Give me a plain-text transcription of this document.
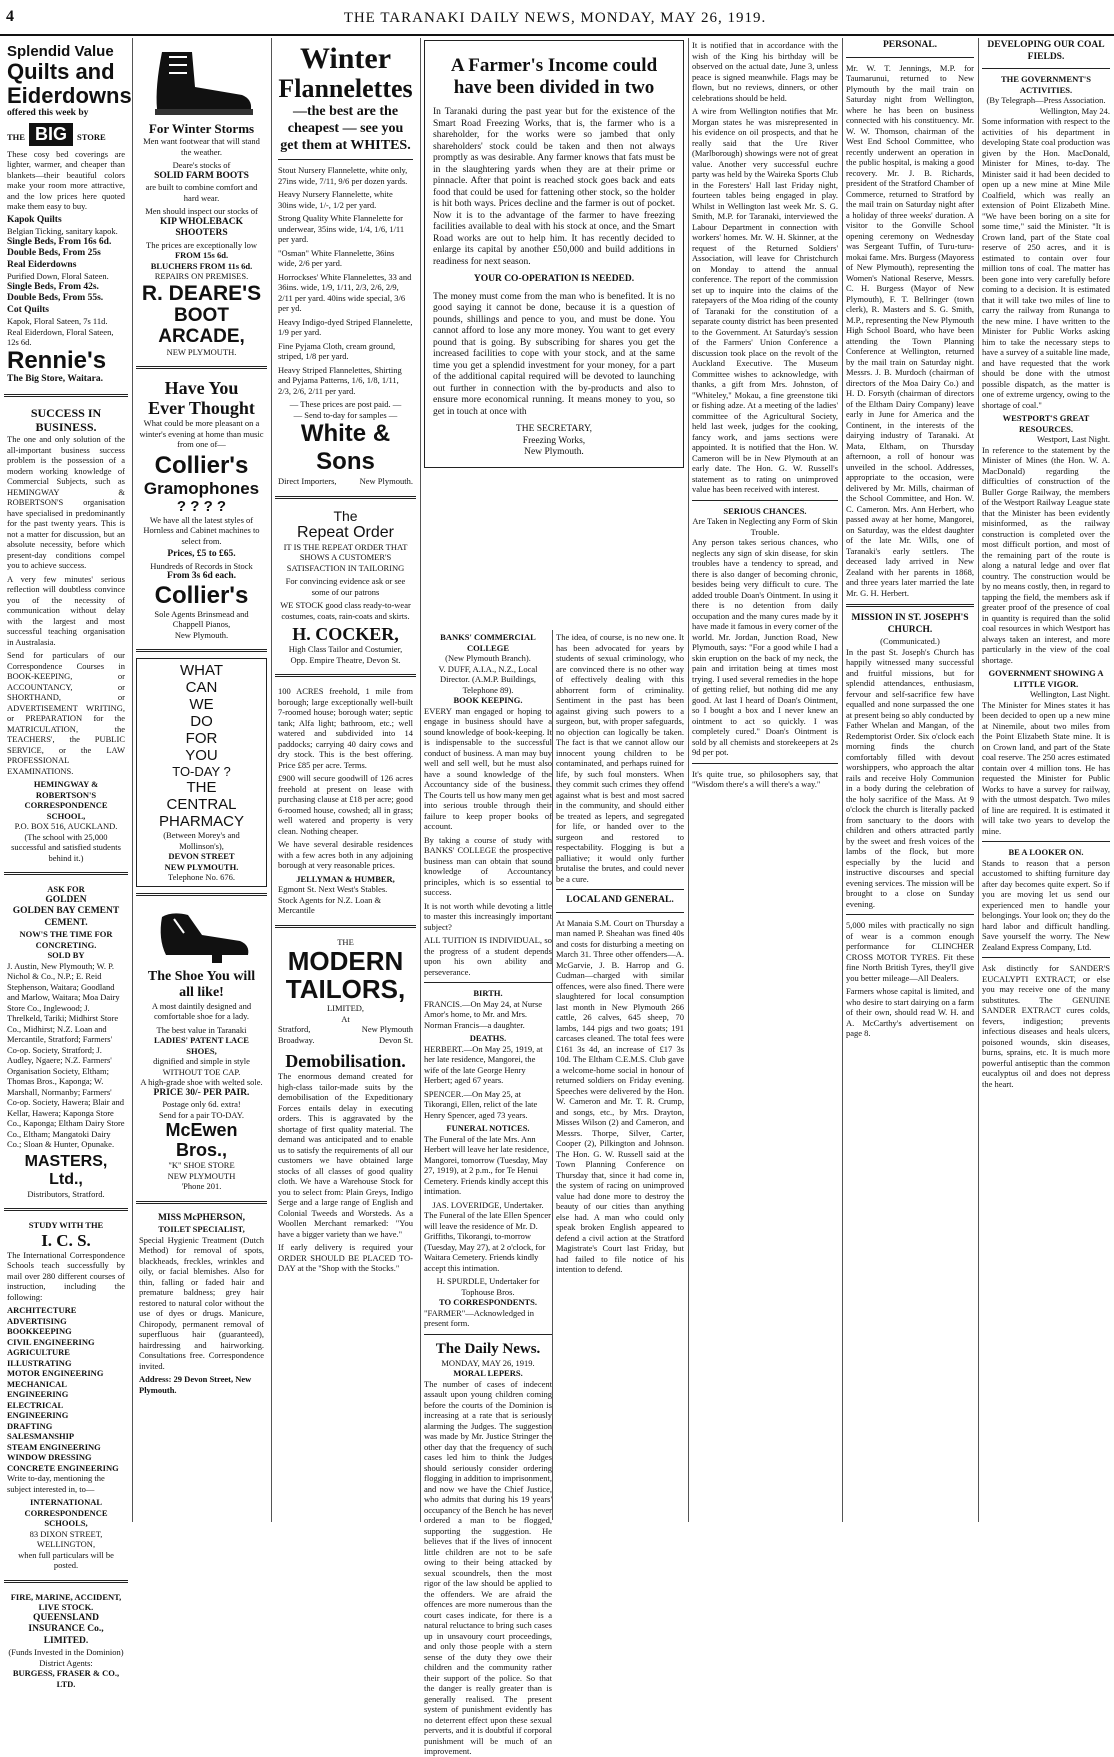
4	THE TARANAKI DAILY NEWS, MONDAY, MAY 26, 1919.
Splendid Value
Quilts and
Eiderdowns
offered this week by
THE BIG STORE

These cosy bed coverings are lighter, warmer, and cheaper than blankets—their beautiful colors make your room more attractive, and the low prices here quoted make them easy to buy.

Kapok Quilts
Belgian Ticking, sanitary kapok.
Single Beds, From 16s 6d.
Double Beds, From 25s
Real Eiderdowns
Purified Down, Floral Sateen.
Single Beds, From 42s.
Double Beds, From 55s.
Cot Quilts
Kapok, Floral Sateen, 7s 11d. Real Eiderdown, Floral Sateen, 12s 6d.
Rennie's
The Big Store, Waitara.
SUCCESS IN BUSINESS.

The one and only solution of the all-important business success problem is the possession of a modern working knowledge of Commercial Subjects, such as HEMINGWAY & ROBERTSON'S organisation have specialised in predominantly for the past twenty years. This is not a matter for discussion, but an absolute necessity, before which present-day conditions compel you to achieve success.

A very few minutes' serious reflection will doubtless convince you of the necessity of communication without delay with the largest and most successful teaching organisation in Australasia.

Send for particulars of our Correspondence Courses in BOOK-KEEPING, or ACCOUNTANCY, or SHORTHAND, or ADVERTISEMENT WRITING, or PREPARATION for the MATRICULATION, the TEACHERS', the PUBLIC SERVICE, or the LAW PROFESSIONAL EXAMINATIONS.

HEMINGWAY & ROBERTSON'S CORRESPONDENCE SCHOOL,
P.O. BOX 516, AUCKLAND.
(The school with 25,000 successful and satisfied students behind it.)
ASK FOR
GOLDEN
GOLDEN BAY CEMENT
CEMENT.
NOW'S THE TIME FOR CONCRETING.
SOLD BY

J. Austin, New Plymouth; W. P. Nichol & Co., N.P.; E. Reid Stephenson, Waitara; Goodland and Marlow, Waitara; Moa Dairy Store Co., Inglewood; J. Threlkeld, Tariki; Midhirst Store Co., Midhirst; N.Z. Loan and Mercantile, Stratford; Farmers' Co-op. Society, Stratford; J. Audley, Ngaere; N.Z. Farmers' Organisation Society, Eltham; Thomas Bros., Kaponga; W. Marshall, Normanby; Farmers' Co-op. Society, Hawera; Blair and Kellar, Hawera; Kaponga Store Co., Kaponga; Eltham Dairy Store Co., Eltham; Mangatoki Dairy Co.; Sloan & Hunter, Opunake.

MASTERS, Ltd.,
Distributors, Stratford.
STUDY WITH THE
I. C. S.

The International Correspondence Schools teach successfully by mail over 280 different courses of instruction, including the following:

ARCHITECTURE
ADVERTISING
BOOKKEEPING
CIVIL ENGINEERING
AGRICULTURE
ILLUSTRATING
MOTOR ENGINEERING
MECHANICAL ENGINEERING
ELECTRICAL ENGINEERING
DRAFTING
SALESMANSHIP
STEAM ENGINEERING
WINDOW DRESSING
CONCRETE ENGINEERING

Write to-day, mentioning the subject interested in, to—

INTERNATIONAL CORRESPONDENCE SCHOOLS,
83 DIXON STREET, WELLINGTON,
when full particulars will be posted.
FIRE, MARINE, ACCIDENT, LIVE STOCK.
QUEENSLAND INSURANCE Co., LIMITED.
(Funds Invested in the Dominion) District Agents:
BURGESS, FRASER & CO., LTD.
For Winter Storms

Men want footwear that will stand the weather.

Deare's stocks of
SOLID FARM BOOTS

are built to combine comfort and hard wear.

Men should inspect our stocks of
KIP WHOLEBACK SHOOTERS
The prices are exceptionally low
FROM 15s 6d.
BLUCHERS FROM 11s 6d.
REPAIRS ON PREMISES.
R. DEARE'S
BOOT
ARCADE,
NEW PLYMOUTH.
Have You
Ever Thought

What could be more pleasant on a winter's evening at home than music from one of—

Collier's
Gramophones
? ? ? ?

We have all the latest styles of Hornless and Cabinet machines to select from.

Prices, £5 to £65.
Hundreds of Records in Stock
From 3s 6d each.
Collier's
Sole Agents Brinsmead and Chappell Pianos,
New Plymouth.
WHAT
CAN
WE
DO
FOR
YOU
TO-DAY ?
THE
CENTRAL
PHARMACY
(Between Morey's and Mollinson's),
DEVON STREET
NEW PLYMOUTH.
Telephone No. 676.
The Shoe You will all like!

A most daintily designed and comfortable shoe for a lady.

The best value in Taranaki
LADIES' PATENT LACE SHOES,
dignified and simple in style WITHOUT TOE CAP.
A high-grade shoe with welted sole.
PRICE 30/- PER PAIR.
Postage only 6d. extra!
Send for a pair TO-DAY.
McEwen Bros.,
"K" SHOE STORE
NEW PLYMOUTH
'Phone 201.
MISS McPHERSON,
TOILET SPECIALIST,

Special Hygienic Treatment (Dutch Method) for removal of spots, blackheads, freckles, wrinkles and oily, or facial blemishes. Also for thin, falling or faded hair and premature baldness; grey hair restored to natural color without the use of dyes or drugs. Manicure, Chiropody, permanent removal of superfluous hair (guaranteed), hairdressing and hairworking. Consultations free. Correspondence invited.

Address: 29 Devon Street, New Plymouth.
Winter
Flannelettes
—the best are the cheapest — see you get them at WHITES.

Stout Nursery Flannelette, white only, 27ins wide, 7/11, 9/6 per dozen yards.

Heavy Nursery Flannelette, white 30ins wide, 1/-, 1/2 per yard.

Strong Quality White Flannelette for underwear, 35ins wide, 1/4, 1/6, 1/11 per yard.

"Osman" White Flannelette, 36ins wide, 2/6 per yard.

Horrockses' White Flannelettes, 33 and 36ins. wide, 1/9, 1/11, 2/3, 2/6, 2/9, 2/11 per yard. 40ins wide special, 3/6 per yd.

Heavy Indigo-dyed Striped Flannelette, 1/9 per yard.

Fine Pyjama Cloth, cream ground, striped, 1/8 per yard.

Heavy Striped Flannelettes, Shirting and Pyjama Patterns, 1/6, 1/8, 1/11, 2/3, 2/6, 2/11 per yard.

— These prices are post paid. —
— Send to-day for samples —
White & Sons
Direct Importers,	New Plymouth.
The
Repeat Order

IT IS THE REPEAT ORDER THAT SHOWS A CUSTOMER'S SATISFACTION IN TAILORING

For convincing evidence ask or see some of our patrons

WE STOCK good class ready-to-wear costumes, coats, rain-coats and skirts.

H. COCKER,
High Class Tailor and Costumier,
Opp. Empire Theatre, Devon St.

100 ACRES freehold, 1 mile from borough; large exceptionally well-built 7-roomed house; borough water; septic tank; Alfa light; bathroom, etc.; well watered and subdivided into 14 paddocks; carrying 40 dairy cows and dry stock. This is the best offering. Price £85 per acre. Terms.

£900 will secure goodwill of 126 acres freehold at present on lease with purchasing clause at £18 per acre; good 6-roomed house, cowshed; all in grass; well watered and property is very clean. Nothing cheaper.

We have several desirable residences with a few acres both in any adjoining borough at very reasonable prices.

JELLYMAN & HUMBER,
Egmont St. Next West's Stables.
Stock Agents for N.Z. Loan & Mercantile
THE
MODERN
TAILORS,
LIMITED,
At
Stratford,	New Plymouth
Broadway.	Devon St.
Demobilisation.

The enormous demand created for high-class tailor-made suits by the demobilisation of the Expeditionary Forces entails delay in executing orders. This is aggravated by the shortage of first quality material. The demand was anticipated and to enable us to satisfy the requirements of all our customers we have obtained large stocks of all classes of good quality cloth. We have a Warehouse Stock for you to select from: Plain Greys, Indigo Serge and a large range of English and Colonial Tweeds and Worsteds. As a Woollen Merchant remarked: "You have a bigger variety than we have."

If early delivery is required your ORDER SHOULD BE PLACED TO-DAY at the "Shop with the Stocks."

A Farmer's Income could have been divided in two

In Taranaki during the past year but for the existence of the Smart Road Freezing Works, that is, the farmer who is a shareholder, for the works were so jambed that only shareholders' stock could be taken and then not always promptly as was desirable. Any farmer knows that fats must be in the slaughtering yards when they are at their prime or pinnacle. After that point is reached stock goes back and eats food that could be used for fattening other stock, so the holder is hit both ways. Prices decline and the farmer is out of pocket. Now it is to the advantage of the farmer to have freezing facilities available to deal with his stock at once, and the Smart Road works are out to help him. It has recently decided to enlarge its capital by another £50,000 and build additions in readiness for next season.

YOUR CO-OPERATION IS NEEDED.

The money must come from the man who is benefited. It is no good saying it cannot be done, because it is a question of pounds, shillings and pence to you, and must be done. You cannot afford to lose any more money. You want to get every pound that is going. By subscribing for shares you get the increased facilities to cope with your stock, and at the same time you get a splendid investment for your money, for a part of the additional capital required will be devoted to launching out further in connection with the by-products and also to ensure more economical running. It means money to you, so get in touch at once with

THE SECRETARY,
Freezing Works,
New Plymouth.
BANKS' COMMERCIAL COLLEGE
(New Plymouth Branch).
V. DUFF, A.I.A., N.Z., Local Director. (A.M.P. Buildings, Telephone 89).
BOOK KEEPING.

EVERY man engaged or hoping to engage in business should have a sound knowledge of book-keeping. It is indispensable to the successful conduct of business. A man may buy well and sell well, but he must also have a sound knowledge of the Accountancy side of the business. The Courts tell us how many men get into serious trouble through their failure to keep proper books of account.

By taking a course of study with BANKS' COLLEGE the prospective business man can obtain that sound knowledge of Accountancy principles, which is so essential to success.

It is not worth while devoting a little to master this increasingly important subject?

ALL TUITION IS INDIVIDUAL, so the progress of a student depends upon his own ability and perseverance.

BIRTH.

FRANCIS.—On May 24, at Nurse Amor's home, to Mr. and Mrs. Norman Francis—a daughter.

DEATHS.

HERBERT.—On May 25, 1919, at her late residence, Mangorei, the wife of the late George Henry Herbert; aged 67 years.

SPENCER.—On May 25, at Tikorangi, Ellen, relict of the late Henry Spencer, aged 73 years.

FUNERAL NOTICES.

The Funeral of the late Mrs. Ann Herbert will leave her late residence, Mangorei, tomorrow (Tuesday, May 27, 1919), at 2 p.m., for Te Henui Cemetery. Friends kindly accept this intimation.

JAS. LOVERIDGE, Undertaker.

The Funeral of the late Ellen Spencer will leave the residence of Mr. D. Griffiths, Tikorangi, to-morrow (Tuesday, May 27), at 2 o'clock, for Waitara Cemetery. Friends kindly accept this intimation.

H. SPURDLE, Undertaker for Tophouse Bros.
TO CORRESPONDENTS.

"FARMER"—Acknowledged in present form.

The Daily News.
MONDAY, MAY 26, 1919.
MORAL LEPERS.

The number of cases of indecent assault upon young children coming before the courts of the Dominion is increasing at a rate that is seriously alarming the Judges. The suggestion was made by Mr. Justice Stringer the other day that the frequency of such cases led him to think the Judges should seriously consider ordering flogging in addition to imprisonment, and now we have the Chief Justice, who admits that during his 19 years' occupancy of the Bench he has never ordered a man to be flogged, supporting the suggestion. He believes that if the lives of innocent little children are not to be safe owing to their being attacked by sexual scoundrels, then the most rigor of the law should be applied to the offenders. We are afraid the offences are more numerous than the court cases indicate, for there is a natural reluctance to bring such cases up in unsavoury court proceedings, and only those people with a stern sense of the duty they owe their children and the community rather their support of the police. So that the danger is really greater than is generally realised. The present system of punishment evidently has no deterrent effect upon these sexual perverts, and it is doubtful if corporal punishment will be much of an improvement.

The idea, of course, is no new one. It has been advocated for years by students of sexual criminology, who are convinced there is no other way of effectively dealing with this abhorrent form of criminality. Sentiment in the past has been against giving such powers to a surgeon, but, with proper safeguards, no objection can logically be taken. The fact is that we cannot allow our innocent young children to be contaminated, and perhaps ruined for life, by such foul monsters. When they commit such crimes they offend against what is best and most sacred in the community, and should either be treated as lepers, and segregated for life, or handed over to the surgeon and restored to respectability. Flogging is but a palliative; it would only further brutalise the brutes, and could never be a cure.

LOCAL AND GENERAL.

At Manaia S.M. Court on Thursday a man named P. Sheahan was fined 40s and costs for disturbing a meeting on March 31. Three other offenders—A. McGarvie, J. B. Harrop and G. Cudman—charged with similar offences, were also fined. There were slaughtered for local consumption last month in New Plymouth 266 cattle, 26 calves, 645 sheep, 70 lambs, 144 pigs and two goats; 191 carcases cleaned. The total fees were £161 3s 4d, an increase of £17 3s 10d. The Eltham C.E.M.S. Club gave a welcome-home social in honour of returned soldiers on Friday evening. Speeches were delivered by the Hon. W. Cameron and Mr. T. R. Crump, and songs, etc., by Mrs. Drayton, Misses Wilson (2) and Cameron, and Messrs. Thorpe, Silver, Carter, Cooper (2), Pilkington and Johnson. The Hon. G. W. Russell said at the Town Planning Conference on Thursday that, since it had come in, the system of racing on unimproved value had done more to destroy the beauty of our cities than anything else had. A man who could only speak broken English appeared to defend a civil action at the Stratford Magistrate's Court last Friday, but had failed to file notice of his intention to defend.

It is notified that in accordance with the wish of the King his birthday will be observed on the actual date, June 3, unless peace is signed meanwhile. Flags may be flown, but no reviews, dinners, or other celebrations should be held.

A wire from Wellington notifies that Mr. Morgan states he was misrepresented in his evidence on oil prospects, and that he really said that the Ure River (Marlborough) showings were not of great value. Another very successful euchre party was held by the Waireka Sports Club in the Foresters' Hall last Friday night, fourteen tables being engaged in play. Whilst in Wellington last week Mr. S. G. Smith, M.P. for Taranaki, interviewed the Labour Department in connection with workers' homes. Mr. W. H. Skinner, at the request of the Returned Soldiers' Association, will leave for Christchurch on Monday to attend the annual conference. The report of the commission set up to inquire into the claims of the ratepayers of the Moa riding of the county of Taranaki for the constitution of a separate county district has been presented to the Government. At Saturday's session of the Farmers' Union Conference a discussion took place on the revolt of the Auckland Executive. The Museum Committee wishes to acknowledge, with thanks, a gift from Mrs. Johnston, of "Whiteley," Mokau, a fine greenstone tiki or fishing adze. At a meeting of the ladies' committee of the Agricultural Society, held last week, judges for the cooking, fancy work, and jams sections were appointed. It is notified that the Hon. W. Cameron will be in New Plymouth at an early date. The Hon. G. W. Russell's statement as to rating on unimproved value has been received with interest.

SERIOUS CHANCES.
Are Taken in Neglecting any Form of Skin Trouble.

Any person takes serious chances, who neglects any sign of skin disease, for skin troubles have a tendency to spread, and there is also danger of becoming chronic, besides being very difficult to cure. The added trouble Doan's Ointment. In using it there is no detention from daily occupation and the many cures made by it have made it famous in every corner of the world. Mr. Jordan, Junction Road, New Plymouth, says: "For a good while I had a skin eruption on the back of my neck, the pain and irritation being at times most trying. I used several remedies in the hope of getting relief, but nothing did me any good. At last I heard of Doan's Ointment, so I bought a box and I never knew an ointment to act so quickly. I was completely cured." Doan's Ointment is sold by all chemists and storekeepers at 2s 9d per pot.

It's quite true, so philosophers say, that "Wisdom there's a will there's a way."

PERSONAL.

Mr. W. T. Jennings, M.P. for Taumarunui, returned to New Plymouth by the mail train on Saturday night from Wellington, where he has been on business connected with his constituency. Mr. W. W. Thomson, chairman of the West End School Committee, who recently underwent an operation in the public hospital, is making a good recovery. Mr. J. B. Richards, president of the Stratford Chamber of Commerce, returned to Stratford by the mail train on Saturday night after a holiday of three weeks' duration. A visitor to the Gonville School opening ceremony on Wednesday was Sergeant Tuffin, of Turu-turu-mokai fame. Mrs. Burgess (Mayoress of New Plymouth), representing the Women's National Reserve, Messrs. C. H. Burgess (Mayor of New Plymouth), F. T. Bellringer (town clerk), R. Masters and S. G. Smith, M.P., representing the New Plymouth High School Board, who have been attending the Town Planning Conference at Wellington, returned by the mail train on Saturday night. Messrs. J. B. Murdoch (chairman of directors of the Moa Dairy Co.) and H. D. Forsyth (chairman of directors of the Eltham Dairy Company) leave early in June for America and the Continent, in the interests of the dairying industry of Taranaki. At Mata, Eltham, on Thursday afternoon, a roll of honour was unveiled in the school. Addresses, appropriate to the occasion, were delivered by Mr. Mills, chairman of the School Committee, and Hon. W. C. Cameron. Mrs. Ann Herbert, who passed away at her home, Mangorei, on Saturday, was the eldest daughter of the late Mr. Wills, one of Taranaki's early settlers. The deceased lady arrived in New Zealand with her parents in 1868, and three years later married the late Mr. G. H. Herbert.

MISSION IN ST. JOSEPH'S CHURCH.
(Communicated.)

In the past St. Joseph's Church has happily witnessed many successful and fruitful missions, but for splendid attendances, enthusiasm, fervour and self-sacrifice few have equalled and none surpassed the one at present being so ably conducted by Father Whelan and Mangan, of the Redemptorist Order. Six o'clock each morning finds the church comfortably filled with devout worshippers, who approach the altar rails and receive Holy Communion in a body during the celebration of the holy sacrifice of the Mass. At 9 o'clock the church is literally packed from sanctuary to the doors with children and others attracted partly by the sweet and fresh voices of the lambs of the flock, but more especially by the lucid and instructive discourses and special evening services. The mission will be brought to a close on Sunday evening.

5,000 miles with practically no sign of wear is a common enough performance for CLINCHER CROSS MOTOR TYRES. Fit these fine North British Tyres, they'll give you better mileage—All Dealers.

Farmers whose capital is limited, and who desire to start dairying on a farm of their own, should read W. H. and A. McCarthy's advertisement on page 8.

DEVELOPING OUR COAL FIELDS.
THE GOVERNMENT'S ACTIVITIES.
(By Telegraph—Press Association.
Wellington, May 24.

Some information with respect to the activities of his department in developing State coal production was given by the Hon. MacDonald, Minister for Mines, to-day. The Minister said it had been decided to open up a new mine at Mine Mile Coalfield, which was really an extension of Point Elizabeth Mine. "We have been boring on a site for some time," said the Minister. "It is Crown land, part of the State coal reserve of 250 acres, and it is estimated to contain over four million tons of coal. The matter has been gone into very carefully before coming to a decision. It is estimated that it will take two miles of line to carry the railway from Runanga to the new mine. I have written to the Minister for Public Works asking him to take the necessary steps to have a survey of a suitable line made, and have requested that the work should be done with the utmost possible dispatch, as the matter is one of extreme urgency, owing to the shortage of coal."

WESTPORT'S GREAT RESOURCES.
Westport, Last Night.

In reference to the statement by the Minister of Mines (the Hon. W. A. MacDonald) regarding the difficulties of construction of the Buller Gorge Railway, the members of the Westport Railway League state that the Minister has been evidently misinformed, as the railway construction is completed over the most difficult portion, and most of the remaining part of the route is along a natural ledge and over flat country. The construction would be by no means costly, then, in regard to tapping the field, the members ask if greater proof of the presence of coal in quantity is required than the solid coal resources in which Westport has always taken an interest, and more particularly in the view of the coal shortage.

GOVERNMENT SHOWING A LITTLE VIGOR.
Wellington, Last Night.

The Minister for Mines states it has been decided to open up a new mine at Ninemile, about two miles from the Point Elizabeth State mine. It is on Crown land, and part of the State coal reserve. The 250 acres estimated contain over 4 million tons. He has requested the Minister for Public Works to have a survey for railway, with the utmost despatch. Two miles of line are required. It is estimated it will take two years to develop the mine.

BE A LOOKER ON.

Stands to reason that a person accustomed to shifting furniture day after day becomes quite expert. So if you are moving let us send our experienced men to handle your belongings. Your look on; they do the hard labor and difficult handling. Save yourself the worry. The New Zealand Express Company, Ltd.

Ask distinctly for SANDER'S EUCALYPTI EXTRACT, or else you may receive one of the many substitutes. The GENUINE SANDER EXTRACT cures colds, fevers, indigestion; prevents infectious diseases and heals ulcers, poisoned wounds, skin diseases, burns, sprains, etc. It is much more powerful antiseptic than the common eucalyptus oil and does not depress the heart.
